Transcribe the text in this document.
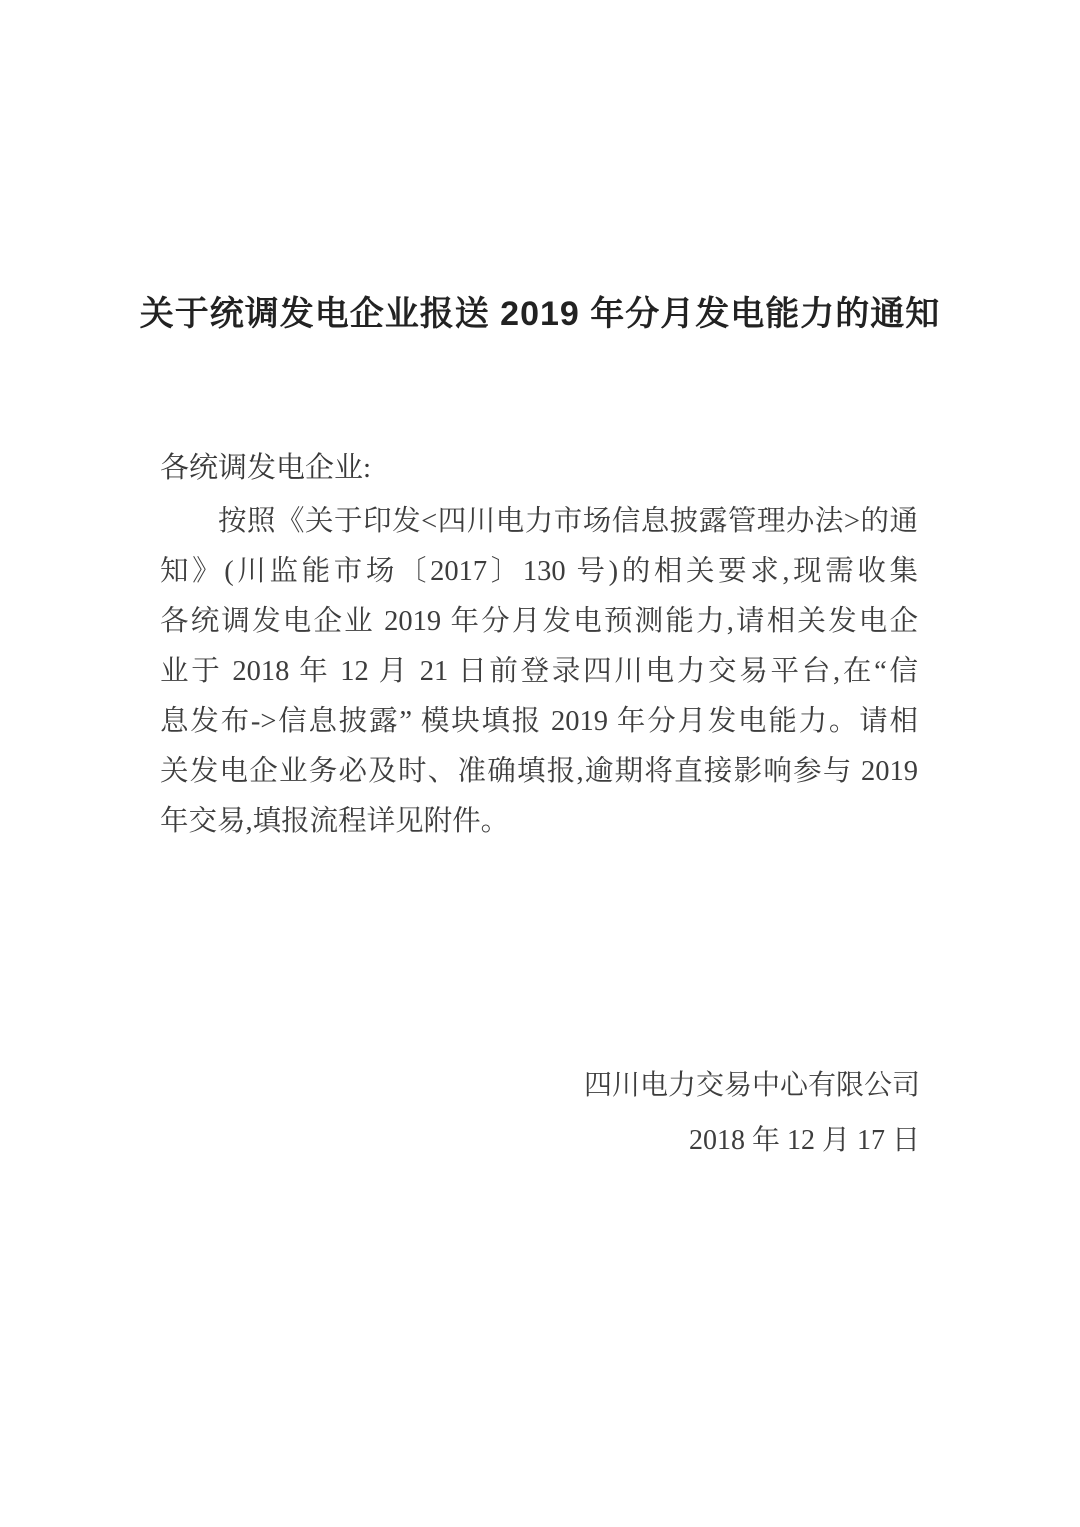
关于统调发电企业报送 2019 年分月发电能力的通知
各统调发电企业:
按照《关于印发<四川电力市场信息披露管理办法>的通
知》(川监能市场〔2017〕130 号)的相关要求,现需收集
各统调发电企业 2019 年分月发电预测能力,请相关发电企
业于 2018 年 12 月 21 日前登录四川电力交易平台,在“信
息发布->信息披露” 模块填报 2019 年分月发电能力。请相
关发电企业务必及时、准确填报,逾期将直接影响参与 2019
年交易,填报流程详见附件。
四川电力交易中心有限公司
2018 年 12 月 17 日
